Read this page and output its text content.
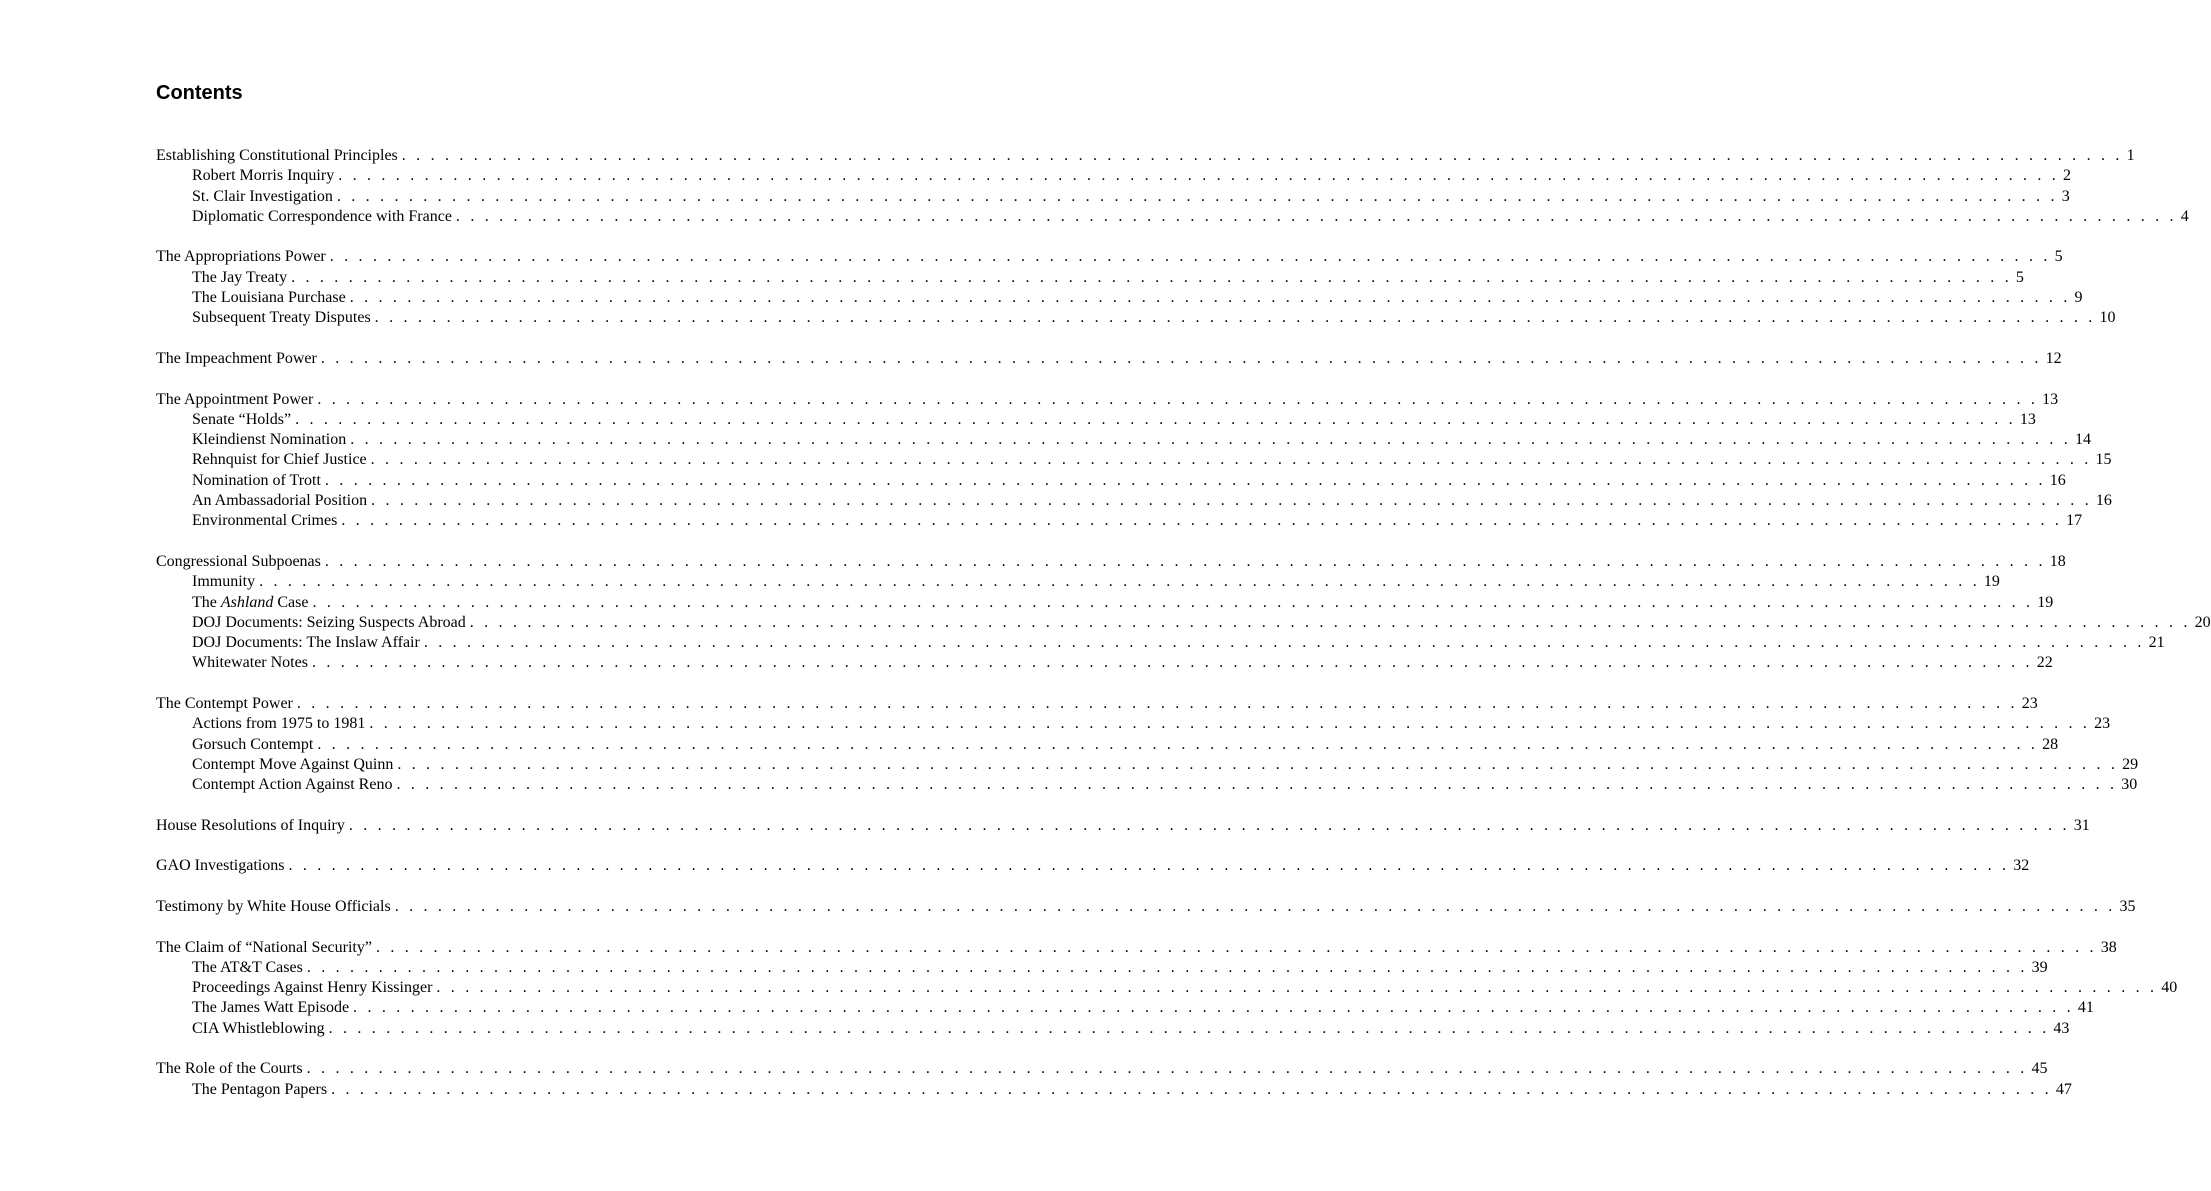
Contents
Establishing Constitutional Principles . . . . . . . . . . . . . . . . . . . . . . . . . . . . . . . . . . . . . . . . . . . . . . . . . . . . . . . . . . . . . . . . . . . . . . . . . . . . . . . . . . . . . . . . . . . . . . . . . . . . . . . . . . . . . . . . . . . . . . . . 1
Robert Morris Inquiry . . . . . . . . . . . . . . . . . . . . . . . . . . . . . . . . . . . . . . . . . . . . . . . . . . . . . . . . . . . . . . . . . . . . . . . . . . . . . . . . . . . . . . . . . . . . . . . . . . . . . . . . . . . . . . . . . . . . . . . . 2
St. Clair Investigation . . . . . . . . . . . . . . . . . . . . . . . . . . . . . . . . . . . . . . . . . . . . . . . . . . . . . . . . . . . . . . . . . . . . . . . . . . . . . . . . . . . . . . . . . . . . . . . . . . . . . . . . . . . . . . . . . . . . . . . . 3
Diplomatic Correspondence with France . . . . . . . . . . . . . . . . . . . . . . . . . . . . . . . . . . . . . . . . . . . . . . . . . . . . . . . . . . . . . . . . . . . . . . . . . . . . . . . . . . . . . . . . . . . . . . . . . . . . . . . . . . . . . . . . . . . . . . . . 4
The Appropriations Power . . . . . . . . . . . . . . . . . . . . . . . . . . . . . . . . . . . . . . . . . . . . . . . . . . . . . . . . . . . . . . . . . . . . . . . . . . . . . . . . . . . . . . . . . . . . . . . . . . . . . . . . . . . . . . . . . . . . . . . . 5
The Jay Treaty . . . . . . . . . . . . . . . . . . . . . . . . . . . . . . . . . . . . . . . . . . . . . . . . . . . . . . . . . . . . . . . . . . . . . . . . . . . . . . . . . . . . . . . . . . . . . . . . . . . . . . . . . . . . . . . . . . . . . . . . 5
The Louisiana Purchase . . . . . . . . . . . . . . . . . . . . . . . . . . . . . . . . . . . . . . . . . . . . . . . . . . . . . . . . . . . . . . . . . . . . . . . . . . . . . . . . . . . . . . . . . . . . . . . . . . . . . . . . . . . . . . . . . . . . . . . . 9
Subsequent Treaty Disputes . . . . . . . . . . . . . . . . . . . . . . . . . . . . . . . . . . . . . . . . . . . . . . . . . . . . . . . . . . . . . . . . . . . . . . . . . . . . . . . . . . . . . . . . . . . . . . . . . . . . . . . . . . . . . . . . . . . . . . . . 10
The Impeachment Power . . . . . . . . . . . . . . . . . . . . . . . . . . . . . . . . . . . . . . . . . . . . . . . . . . . . . . . . . . . . . . . . . . . . . . . . . . . . . . . . . . . . . . . . . . . . . . . . . . . . . . . . . . . . . . . . . . . . . . . . 12
The Appointment Power . . . . . . . . . . . . . . . . . . . . . . . . . . . . . . . . . . . . . . . . . . . . . . . . . . . . . . . . . . . . . . . . . . . . . . . . . . . . . . . . . . . . . . . . . . . . . . . . . . . . . . . . . . . . . . . . . . . . . . . . 13
Senate “Holds” . . . . . . . . . . . . . . . . . . . . . . . . . . . . . . . . . . . . . . . . . . . . . . . . . . . . . . . . . . . . . . . . . . . . . . . . . . . . . . . . . . . . . . . . . . . . . . . . . . . . . . . . . . . . . . . . . . . . . . . . 13
Kleindienst Nomination . . . . . . . . . . . . . . . . . . . . . . . . . . . . . . . . . . . . . . . . . . . . . . . . . . . . . . . . . . . . . . . . . . . . . . . . . . . . . . . . . . . . . . . . . . . . . . . . . . . . . . . . . . . . . . . . . . . . . . . . 14
Rehnquist for Chief Justice . . . . . . . . . . . . . . . . . . . . . . . . . . . . . . . . . . . . . . . . . . . . . . . . . . . . . . . . . . . . . . . . . . . . . . . . . . . . . . . . . . . . . . . . . . . . . . . . . . . . . . . . . . . . . . . . . . . . . . . . 15
Nomination of Trott . . . . . . . . . . . . . . . . . . . . . . . . . . . . . . . . . . . . . . . . . . . . . . . . . . . . . . . . . . . . . . . . . . . . . . . . . . . . . . . . . . . . . . . . . . . . . . . . . . . . . . . . . . . . . . . . . . . . . . . . 16
An Ambassadorial Position . . . . . . . . . . . . . . . . . . . . . . . . . . . . . . . . . . . . . . . . . . . . . . . . . . . . . . . . . . . . . . . . . . . . . . . . . . . . . . . . . . . . . . . . . . . . . . . . . . . . . . . . . . . . . . . . . . . . . . . . 16
Environmental Crimes . . . . . . . . . . . . . . . . . . . . . . . . . . . . . . . . . . . . . . . . . . . . . . . . . . . . . . . . . . . . . . . . . . . . . . . . . . . . . . . . . . . . . . . . . . . . . . . . . . . . . . . . . . . . . . . . . . . . . . . . 17
Congressional Subpoenas . . . . . . . . . . . . . . . . . . . . . . . . . . . . . . . . . . . . . . . . . . . . . . . . . . . . . . . . . . . . . . . . . . . . . . . . . . . . . . . . . . . . . . . . . . . . . . . . . . . . . . . . . . . . . . . . . . . . . . . . 18
Immunity . . . . . . . . . . . . . . . . . . . . . . . . . . . . . . . . . . . . . . . . . . . . . . . . . . . . . . . . . . . . . . . . . . . . . . . . . . . . . . . . . . . . . . . . . . . . . . . . . . . . . . . . . . . . . . . . . . . . . . . . 19
The Ashland Case . . . . . . . . . . . . . . . . . . . . . . . . . . . . . . . . . . . . . . . . . . . . . . . . . . . . . . . . . . . . . . . . . . . . . . . . . . . . . . . . . . . . . . . . . . . . . . . . . . . . . . . . . . . . . . . . . . . . . . . . 19
DOJ Documents: Seizing Suspects Abroad . . . . . . . . . . . . . . . . . . . . . . . . . . . . . . . . . . . . . . . . . . . . . . . . . . . . . . . . . . . . . . . . . . . . . . . . . . . . . . . . . . . . . . . . . . . . . . . . . . . . . . . . . . . . . . . . . . . . . . . . 20
DOJ Documents: The Inslaw Affair . . . . . . . . . . . . . . . . . . . . . . . . . . . . . . . . . . . . . . . . . . . . . . . . . . . . . . . . . . . . . . . . . . . . . . . . . . . . . . . . . . . . . . . . . . . . . . . . . . . . . . . . . . . . . . . . . . . . . . . . 21
Whitewater Notes . . . . . . . . . . . . . . . . . . . . . . . . . . . . . . . . . . . . . . . . . . . . . . . . . . . . . . . . . . . . . . . . . . . . . . . . . . . . . . . . . . . . . . . . . . . . . . . . . . . . . . . . . . . . . . . . . . . . . . . . 22
The Contempt Power . . . . . . . . . . . . . . . . . . . . . . . . . . . . . . . . . . . . . . . . . . . . . . . . . . . . . . . . . . . . . . . . . . . . . . . . . . . . . . . . . . . . . . . . . . . . . . . . . . . . . . . . . . . . . . . . . . . . . . . . 23
Actions from 1975 to 1981 . . . . . . . . . . . . . . . . . . . . . . . . . . . . . . . . . . . . . . . . . . . . . . . . . . . . . . . . . . . . . . . . . . . . . . . . . . . . . . . . . . . . . . . . . . . . . . . . . . . . . . . . . . . . . . . . . . . . . . . . 23
Gorsuch Contempt . . . . . . . . . . . . . . . . . . . . . . . . . . . . . . . . . . . . . . . . . . . . . . . . . . . . . . . . . . . . . . . . . . . . . . . . . . . . . . . . . . . . . . . . . . . . . . . . . . . . . . . . . . . . . . . . . . . . . . . . 28
Contempt Move Against Quinn . . . . . . . . . . . . . . . . . . . . . . . . . . . . . . . . . . . . . . . . . . . . . . . . . . . . . . . . . . . . . . . . . . . . . . . . . . . . . . . . . . . . . . . . . . . . . . . . . . . . . . . . . . . . . . . . . . . . . . . . 29
Contempt Action Against Reno . . . . . . . . . . . . . . . . . . . . . . . . . . . . . . . . . . . . . . . . . . . . . . . . . . . . . . . . . . . . . . . . . . . . . . . . . . . . . . . . . . . . . . . . . . . . . . . . . . . . . . . . . . . . . . . . . . . . . . . . 30
House Resolutions of Inquiry . . . . . . . . . . . . . . . . . . . . . . . . . . . . . . . . . . . . . . . . . . . . . . . . . . . . . . . . . . . . . . . . . . . . . . . . . . . . . . . . . . . . . . . . . . . . . . . . . . . . . . . . . . . . . . . . . . . . . . . . 31
GAO Investigations . . . . . . . . . . . . . . . . . . . . . . . . . . . . . . . . . . . . . . . . . . . . . . . . . . . . . . . . . . . . . . . . . . . . . . . . . . . . . . . . . . . . . . . . . . . . . . . . . . . . . . . . . . . . . . . . . . . . . . . . 32
Testimony by White House Officials . . . . . . . . . . . . . . . . . . . . . . . . . . . . . . . . . . . . . . . . . . . . . . . . . . . . . . . . . . . . . . . . . . . . . . . . . . . . . . . . . . . . . . . . . . . . . . . . . . . . . . . . . . . . . . . . . . . . . . . . 35
The Claim of “National Security” . . . . . . . . . . . . . . . . . . . . . . . . . . . . . . . . . . . . . . . . . . . . . . . . . . . . . . . . . . . . . . . . . . . . . . . . . . . . . . . . . . . . . . . . . . . . . . . . . . . . . . . . . . . . . . . . . . . . . . . . 38
The AT&T Cases . . . . . . . . . . . . . . . . . . . . . . . . . . . . . . . . . . . . . . . . . . . . . . . . . . . . . . . . . . . . . . . . . . . . . . . . . . . . . . . . . . . . . . . . . . . . . . . . . . . . . . . . . . . . . . . . . . . . . . . . 39
Proceedings Against Henry Kissinger . . . . . . . . . . . . . . . . . . . . . . . . . . . . . . . . . . . . . . . . . . . . . . . . . . . . . . . . . . . . . . . . . . . . . . . . . . . . . . . . . . . . . . . . . . . . . . . . . . . . . . . . . . . . . . . . . . . . . . . . 40
The James Watt Episode . . . . . . . . . . . . . . . . . . . . . . . . . . . . . . . . . . . . . . . . . . . . . . . . . . . . . . . . . . . . . . . . . . . . . . . . . . . . . . . . . . . . . . . . . . . . . . . . . . . . . . . . . . . . . . . . . . . . . . . . 41
CIA Whistleblowing . . . . . . . . . . . . . . . . . . . . . . . . . . . . . . . . . . . . . . . . . . . . . . . . . . . . . . . . . . . . . . . . . . . . . . . . . . . . . . . . . . . . . . . . . . . . . . . . . . . . . . . . . . . . . . . . . . . . . . . . 43
The Role of the Courts . . . . . . . . . . . . . . . . . . . . . . . . . . . . . . . . . . . . . . . . . . . . . . . . . . . . . . . . . . . . . . . . . . . . . . . . . . . . . . . . . . . . . . . . . . . . . . . . . . . . . . . . . . . . . . . . . . . . . . . . 45
The Pentagon Papers . . . . . . . . . . . . . . . . . . . . . . . . . . . . . . . . . . . . . . . . . . . . . . . . . . . . . . . . . . . . . . . . . . . . . . . . . . . . . . . . . . . . . . . . . . . . . . . . . . . . . . . . . . . . . . . . . . . . . . . . 47
